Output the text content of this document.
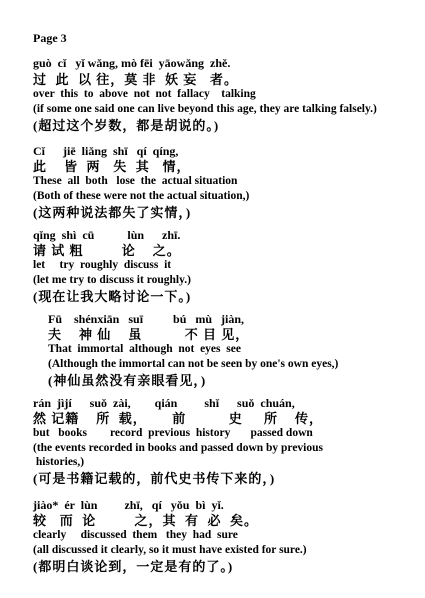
Page 3
guò  cǐ   yǐ wǎng, mò fēi  yāowǎng  zhě.
过  此  以 往，莫 非  妖 妄   者。
over  this  to  above  not  not  fallacy    talking
(if some one said one can live beyond this age, they are talking falsely.)
(超过这个岁数，都是胡说的。)
Cǐ      jiē  liǎng  shī   qí  qíng,
此    皆  两   失  其   情，
These  all  both   lose  the  actual situation
(Both of these were not the actual situation,)
(这两种说法都失了实情，)
qǐng  shì  cū           lùn      zhī.
请 试 粗         论    之。
let     try  roughly  discuss  it
(let me try to discuss it roughly.)
(现在让我大略讨论一下。)
Fū    shénxiān   suī          bú   mù   jiàn,
夫    神 仙    虽          不 目 见，
That  immortal  although  not  eyes  see
(Although the immortal can not be seen by one's own eyes,)
(神仙虽然没有亲眼看见，)
rán  jìjí      suǒ  zài,        qián         shǐ      suǒ  chuán,
然 记籍    所  载，      前          史     所    传，
but   books        record  previous  history       passed down
(the events recorded in books and passed down by previous
histories,)
(可是书籍记载的，前代史书传下来的，)
jiào*  ér  lùn         zhī,   qí   yǒu  bì  yǐ.
较   而  论         之，其  有  必  矣。
clearly     discussed  them   they  had  sure
(all discussed it clearly, so it must have existed for sure.)
(都明白谈论到，一定是有的了。)
